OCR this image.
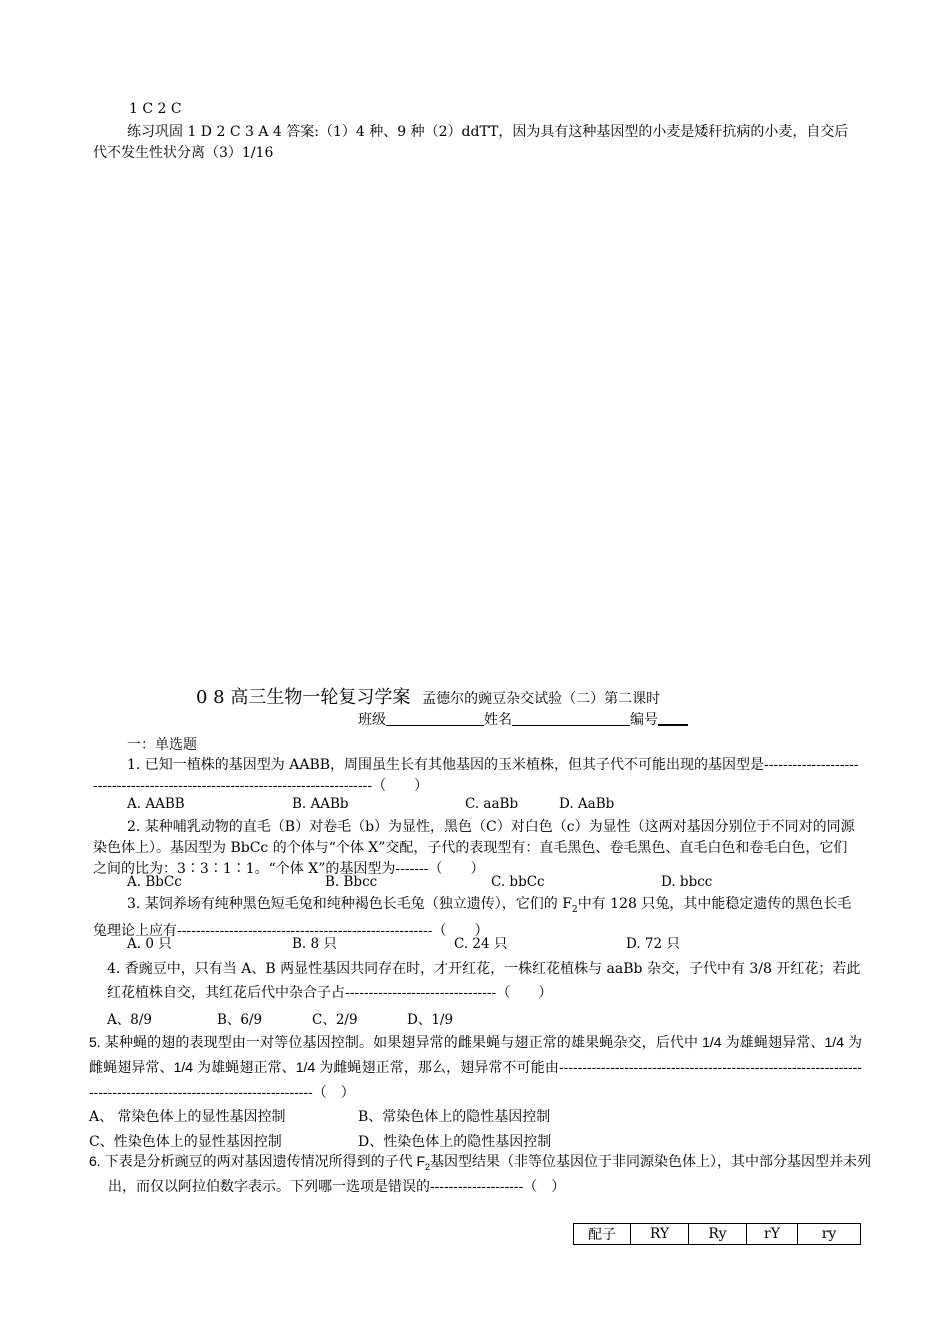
1 C 2 C
练习巩固 1 D 2 C 3 A 4 答案:（1）4 种、9 种（2）ddTT，因为具有这种基因型的小麦是矮秆抗病的小麦，自交后代不发生性状分离（3）1/16
0 8 高三生物一轮复习学案 孟德尔的豌豆杂交试验（二）第二课时
班级	姓名	编号
一：单选题
1. 已知一植株的基因型为 AABB，周围虽生长有其他基因的玉米植株，但其子代不可能出现的基因型是-------------------------------------------------------------------------------（　　）
A. AABB	B. AABb	C. aaBb	D. AaBb
2. 某种哺乳动物的直毛（B）对卷毛（b）为显性，黑色（C）对白色（c）为显性（这两对基因分别位于不同对的同源染色体上）。基因型为 BbCc 的个体与“个体 X”交配，子代的表现型有：直毛黑色、卷毛黑色、直毛白色和卷毛白色，它们之间的比为：3∶3∶1∶1。“个体 X”的基因型为-------（　　）
A. BbCc	B. Bbcc	C. bbCc	D. bbcc
3. 某饲养场有纯种黑色短毛兔和纯种褐色长毛兔（独立遗传），它们的 $F_2$中有 128 只兔，其中能稳定遗传的黑色长毛兔理论上应有------------------------------------------------------（　　）
A. 0 只	B. 8 只	C. 24 只	D. 72 只
4. 香豌豆中，只有当 A、B 两显性基因共同存在时，才开红花，一株红花植株与 aaBb 杂交，子代中有 3/8 开红花；若此红花植株自交，其红花后代中杂合子占--------------------------------（　　）
A、8/9	B、6/9	C、2/9	D、1/9
5. 某种蝇的翅的表现型由一对等位基因控制。如果翅异常的雌果蝇与翅正常的雄果蝇杂交，后代中 1/4 为雄蝇翅异常、1/4 为雌蝇翅异常、1/4 为雄蝇翅正常、1/4 为雌蝇翅正常，那么，翅异常不可能由-----------------------------------------------------------------------------------------------------------------（　）
A、 常染色体上的显性基因控制	B、常染色体上的隐性基因控制
C、性染色体上的显性基因控制	D、性染色体上的隐性基因控制
6. 下表是分析豌豆的两对基因遗传情况所得到的子代 $F_2$基因型结果（非等位基因位于非同源染色体上），其中部分基因型并未列出，而仅以阿拉伯数字表示。下列哪一选项是错误的--------------------（　）
配子	RY	Ry	rY	ry
